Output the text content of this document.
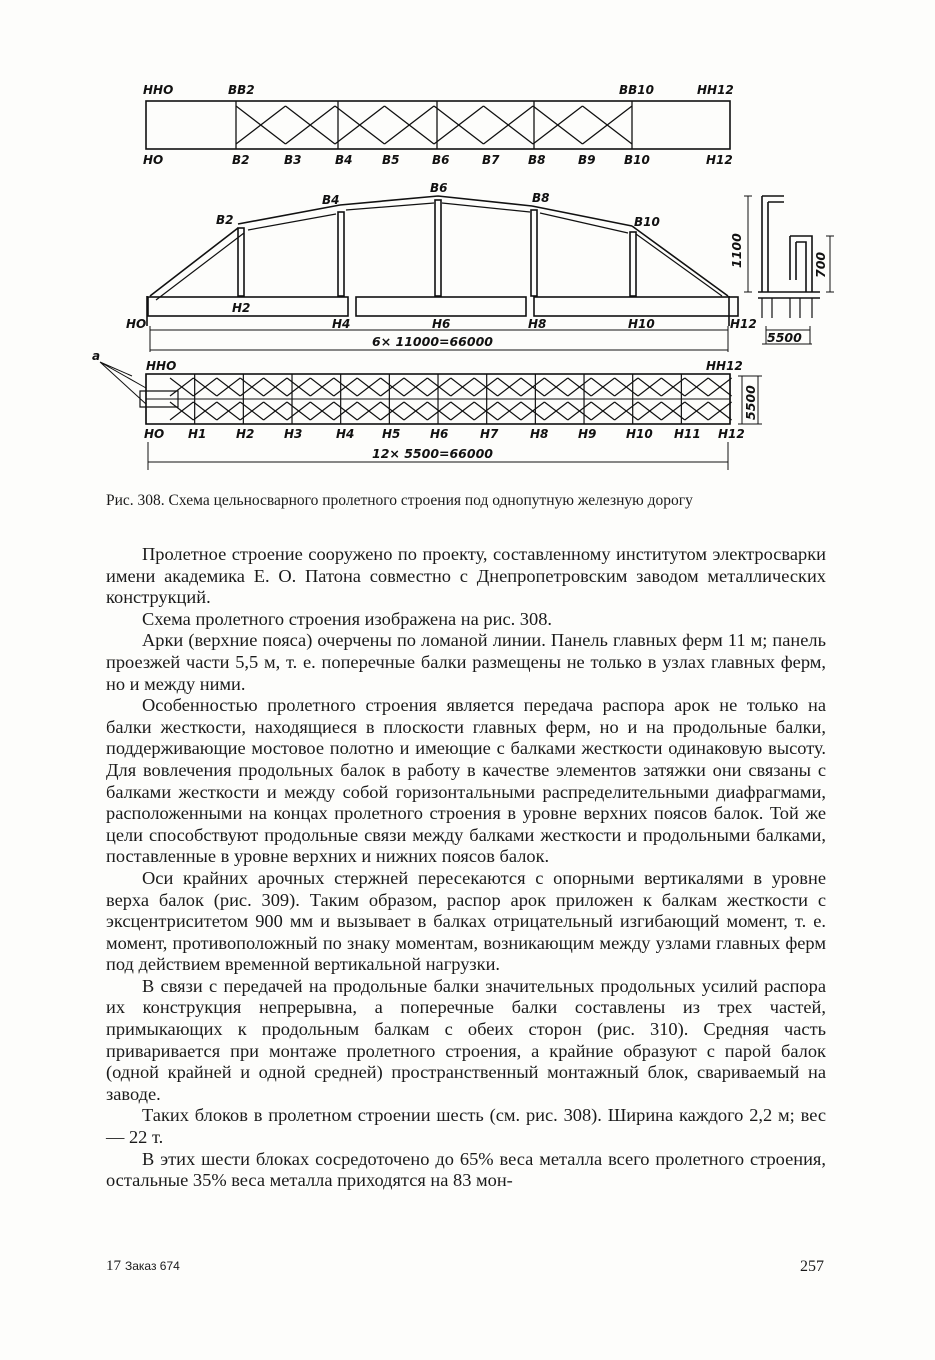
ННО	ВВ2	ВВ10	НН12
НО	В2	В3	В4 В5	В6	В7 В8	В9 В10	Н12
В2
В4
В6
В8
В10
НО
Н2
Н4	Н6	Н8	Н10	Н12
6× 11000=66000
1100	700
5500
а
ННО	НН12
5500
НО Н1 Н2 Н3	Н4 Н5 Н6	Н7	Н8 Н9 Н10 Н11 Н12
12× 5500=66000
Рис. 308. Схема цельносварного пролетного строения под однопутную железную дорогу

Пролетное строение сооружено по проекту, составленному институтом электросварки имени академика Е. О. Патона совместно с Днепропетровским заводом металлических конструкций.

Схема пролетного строения изображена на рис. 308.

Арки (верхние пояса) очерчены по ломаной линии. Панель главных ферм 11 м; панель проезжей части 5,5 м, т. е. поперечные балки размещены не только в узлах главных ферм, но и между ними.

Особенностью пролетного строения является передача распора арок не только на балки жесткости, находящиеся в плоскости главных ферм, но и на продольные балки, поддерживающие мостовое полотно и имеющие с балками жесткости одинаковую высоту. Для вовлечения продольных балок в работу в качестве элементов затяжки они связаны с балками жесткости и между собой горизонтальными распределительными диафрагмами, расположенными на концах пролетного строения в уровне верхних поясов балок. Той же цели способствуют продольные связи между балками жесткости и продольными балками, поставленные в уровне верхних и нижних поясов балок.

Оси крайних арочных стержней пересекаются с опорными вертикалями в уровне верха балок (рис. 309). Таким образом, распор арок приложен к балкам жесткости с эксцентриситетом 900 мм и вызывает в балках отрицательный изгибающий момент, т. е. момент, противоположный по знаку моментам, возникающим между узлами главных ферм под действием временной вертикальной нагрузки.

В связи с передачей на продольные балки значительных продольных усилий распора их конструкция непрерывна, а поперечные балки составлены из трех частей, примыкающих к продольным балкам с обеих сторон (рис. 310). Средняя часть приваривается при монтаже пролетного строения, а крайние образуют с парой балок (одной крайней и одной средней) пространственный монтажный блок, свариваемый на заводе.

Таких блоков в пролетном строении шесть (см. рис. 308). Ширина каждого 2,2 м; вес — 22 т.

В этих шести блоках сосредоточено до 65% веса металла всего пролетного строения, остальные 35% веса металла приходятся на 83 мон-

17 Заказ 674	257
